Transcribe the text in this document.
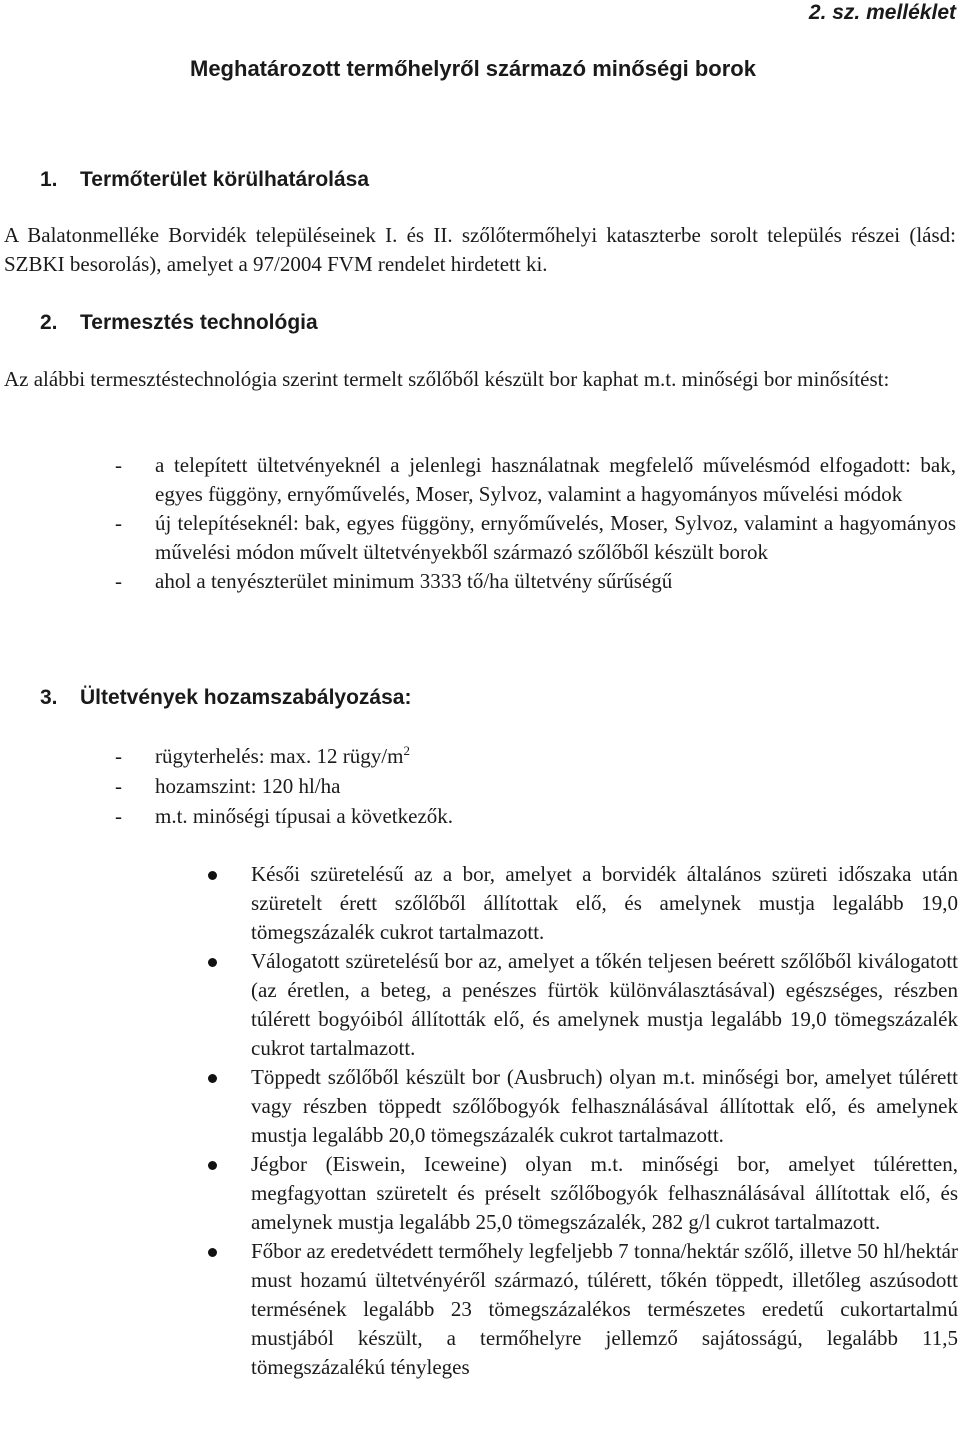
2. sz. melléklet
Meghatározott termőhelyről származó minőségi borok
1. Termőterület körülhatárolása
A Balatonmelléke Borvidék településeinek I. és II. szőlőtermőhelyi kataszterbe sorolt település részei (lásd: SZBKI besorolás), amelyet a 97/2004 FVM rendelet hirdetett ki.
2. Termesztés technológia
Az alábbi termesztéstechnológia szerint termelt szőlőből készült bor kaphat m.t. minőségi bor minősítést:
- a telepített ültetvényeknél a jelenlegi használatnak megfelelő művelésmód elfogadott: bak, egyes függöny, ernyőművelés, Moser, Sylvoz, valamint a hagyományos művelési módok
- új telepítéseknél: bak, egyes függöny, ernyőművelés, Moser, Sylvoz, valamint a hagyományos művelési módon művelt ültetvényekből származó szőlőből készült borok
- ahol a tenyészterület minimum 3333 tő/ha ültetvény sűrűségű
3. Ültetvények hozamszabályozása:
- rügyterhelés: max. 12 rügy/$m^2$
- hozamszint: 120 hl/ha
- m.t. minőségi típusai a következők.
Késői szüretelésű az a bor, amelyet a borvidék általános szüreti időszaka után szüretelt érett szőlőből állítottak elő, és amelynek mustja legalább 19,0 tömegszázalék cukrot tartalmazott.
Válogatott szüretelésű bor az, amelyet a tőkén teljesen beérett szőlőből kiválogatott (az éretlen, a beteg, a penészes fürtök különválasztásával) egészséges, részben túlérett bogyóiból állították elő, és amelynek mustja legalább 19,0 tömegszázalék cukrot tartalmazott.
Töppedt szőlőből készült bor (Ausbruch) olyan m.t. minőségi bor, amelyet túlérett vagy részben töppedt szőlőbogyók felhasználásával állítottak elő, és amelynek mustja legalább 20,0 tömegszázalék cukrot tartalmazott.
Jégbor (Eiswein, Iceweine) olyan m.t. minőségi bor, amelyet túléretten, megfagyottan szüretelt és préselt szőlőbogyók felhasználásával állítottak elő, és amelynek mustja legalább 25,0 tömegszázalék, 282 g/l cukrot tartalmazott.
Főbor az eredetvédett termőhely legfeljebb 7 tonna/hektár szőlő, illetve 50 hl/hektár must hozamú ültetvényéről származó, túlérett, tőkén töppedt, illetőleg aszúsodott termésének legalább 23 tömegszázalékos természetes eredetű cukortartalmú mustjából készült, a termőhelyre jellemző sajátosságú, legalább 11,5 tömegszázalékú tényleges
